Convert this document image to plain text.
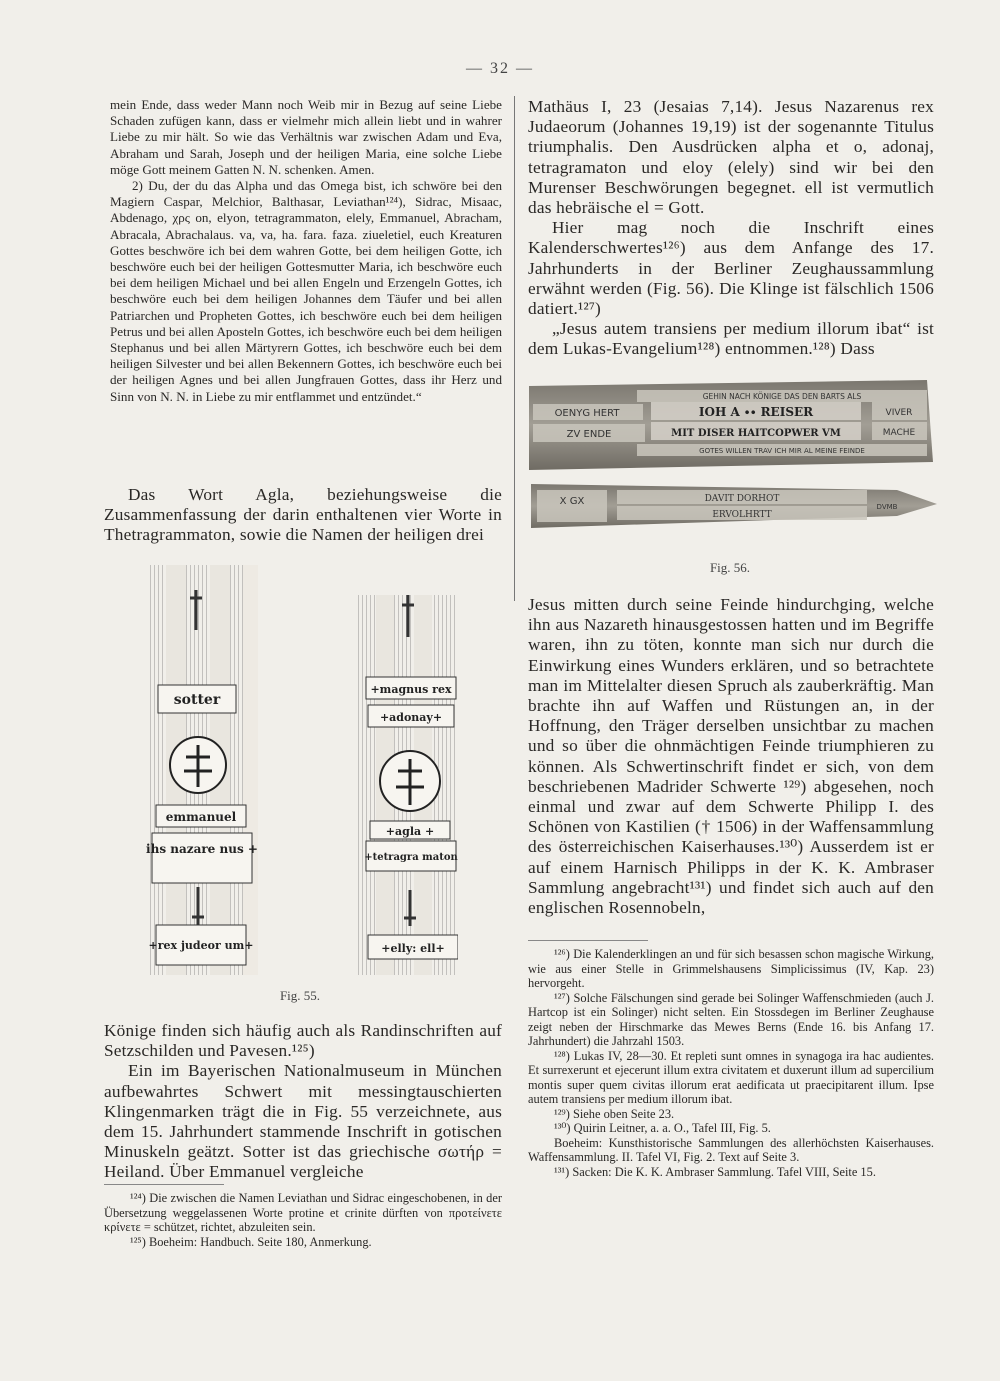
— 32 —

mein Ende, dass weder Mann noch Weib mir in Bezug auf seine Liebe Schaden zufügen kann, dass er vielmehr mich allein liebt und in wahrer Liebe zu mir hält. So wie das Verhältnis war zwischen Adam und Eva, Abraham und Sarah, Joseph und der heiligen Maria, eine solche Liebe möge Gott meinem Gatten N. N. schenken. Amen.

2) Du, der du das Alpha und das Omega bist, ich schwöre bei den Magiern Caspar, Melchior, Balthasar, Leviathan¹²⁴), Sidrac, Misaac, Abdenago, χρς on, elyon, tetragrammaton, elely, Emmanuel, Abracham, Abracala, Abrachalaus. va, va, ha. fara. faza. zіueletiel, euch Kreaturen Gottes beschwöre ich bei dem wahren Gotte, bei dem heiligen Gotte, ich beschwöre euch bei der heiligen Gottesmutter Maria, ich beschwöre euch bei dem heiligen Michael und bei allen Engeln und Erzengeln Gottes, ich beschwöre euch bei dem heiligen Johannes dem Täufer und bei allen Patriarchen und Propheten Gottes, ich beschwöre euch bei dem heiligen Petrus und bei allen Aposteln Gottes, ich beschwöre euch bei dem heiligen Stephanus und bei allen Märtyrern Gottes, ich beschwöre euch bei dem heiligen Silvester und bei allen Bekennern Gottes, ich beschwöre euch bei der heiligen Agnes und bei allen Jungfrauen Gottes, dass ihr Herz und Sinn von N. N. in Liebe zu mir entflammet und entzündet.“

Das Wort Agla, beziehungsweise die Zusammenfassung der darin enthaltenen vier Worte in Thetragrammaton, sowie die Namen der heiligen drei

sotter
emmanuel
ihs nazare nus +
+rex judeor um+
+magnus rex
+adonay+
+agla +
+tetragra maton
+elly: ell+
Fig. 55.

Könige finden sich häufig auch als Randinschriften auf Setzschilden und Pavesen.¹²⁵)

Ein im Bayerischen Nationalmuseum in München aufbewahrtes Schwert mit messingtauschierten Klingenmarken trägt die in Fig. 55 verzeichnete, aus dem 15. Jahrhundert stammende Inschrift in gotischen Minuskeln geätzt. Sotter ist das griechische σωτήρ = Heiland. Über Emmanuel vergleiche

¹²⁴) Die zwischen die Namen Leviathan und Sidrac eingeschobenen, in der Übersetzung weggelassenen Worte protine et crinite dürften von προτείνετε κρίνετε = schützet, richtet, abzuleiten sein.

¹²⁵) Boeheim: Handbuch. Seite 180, Anmerkung.

Mathäus I, 23 (Jesaias 7,14). Jesus Nazarenus rex Judaeorum (Johannes 19,19) ist der sogenannte Titulus triumphalis. Den Ausdrücken alpha et o, adonaj, tetragramaton und eloy (elely) sind wir bei den Murenser Beschwörungen begegnet. ell ist vermutlich das hebräische el = Gott.

Hier mag noch die Inschrift eines Kalenderschwertes¹²⁶) aus dem Anfange des 17. Jahrhunderts in der Berliner Zeughaussammlung erwähnt werden (Fig. 56). Die Klinge ist fälschlich 1506 datiert.¹²⁷)

„Jesus autem transiens per medium illorum ibat“ ist dem Lukas-Evangelium¹²⁸) entnommen.¹²⁸) Dass

GEHIN NACH KÖNIGE DAS DEN BARTS ALS
OENYG HERT	IOH A ∙∙ REISER	VIVER
ZV ENDE	MIT DISER HAITCOPWER VM	MACHE
GOTES WILLEN TRAV ICH MIR AL MEINE FEINDE
X GX	DAVIT DORHOT
ERVOLHRTT
DVMB
Fig. 56.

Jesus mitten durch seine Feinde hindurchging, welche ihn aus Nazareth hinausgestossen hatten und im Begriffe waren, ihn zu töten, konnte man sich nur durch die Einwirkung eines Wunders erklären, und so betrachtete man im Mittelalter diesen Spruch als zauberkräftig. Man brachte ihn auf Waffen und Rüstungen an, in der Hoffnung, den Träger derselben unsichtbar zu machen und so über die ohnmächtigen Feinde triumphieren zu können. Als Schwertinschrift findet er sich, von dem beschriebenen Madrider Schwerte ¹²⁹) abgesehen, noch einmal und zwar auf dem Schwerte Philipp I. des Schönen von Kastilien († 1506) in der Waffensammlung des österreichischen Kaiserhauses.¹³⁰) Ausserdem ist er auf einem Harnisch Philipps in der K. K. Ambraser Sammlung angebracht¹³¹) und findet sich auch auf den englischen Rosennobeln,

¹²⁶) Die Kalenderklingen an und für sich besassen schon magische Wirkung, wie aus einer Stelle in Grimmelshausens Simplicissimus (IV, Kap. 23) hervorgeht.

¹²⁷) Solche Fälschungen sind gerade bei Solinger Waffenschmieden (auch J. Hartcop ist ein Solinger) nicht selten. Ein Stossdegen im Berliner Zeughause zeigt neben der Hirschmarke das Mewes Berns (Ende 16. bis Anfang 17. Jahrhundert) die Jahrzahl 1503.

¹²⁸) Lukas IV, 28—30. Et repleti sunt omnes in synagoga ira hac audientes. Et surrexerunt et ejecerunt illum extra civitatem et duxerunt illum ad supercilium montis super quem civitas illorum erat aedificata ut praecipitarent illum. Ipse autem transiens per medium illorum ibat.

¹²⁹) Siehe oben Seite 23.

¹³⁰) Quirin Leitner, a. a. O., Tafel III, Fig. 5.

Boeheim: Kunsthistorische Sammlungen des allerhöchsten Kaiserhauses. Waffensammlung. II. Tafel VI, Fig. 2. Text auf Seite 3.

¹³¹) Sacken: Die K. K. Ambraser Sammlung. Tafel VIII, Seite 15.
